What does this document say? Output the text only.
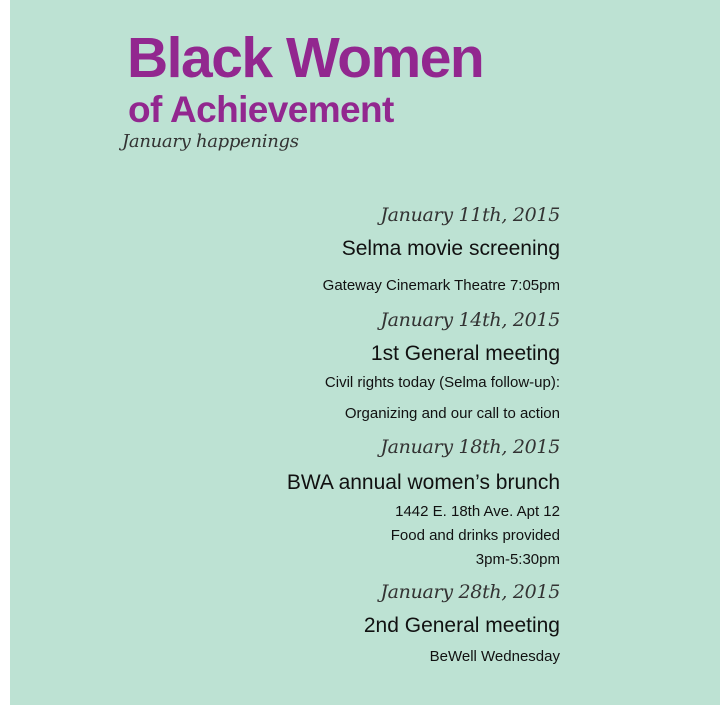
Black Women
of Achievement
January happenings
January 11th, 2015
Selma movie screening
Gateway Cinemark Theatre 7:05pm
January 14th, 2015
1st General meeting
Civil rights today (Selma follow-up):
Organizing and our call to action
January 18th, 2015
BWA annual women’s brunch
1442 E. 18th Ave. Apt 12
Food and drinks provided
3pm-5:30pm
January 28th, 2015
2nd General meeting
BeWell Wednesday
